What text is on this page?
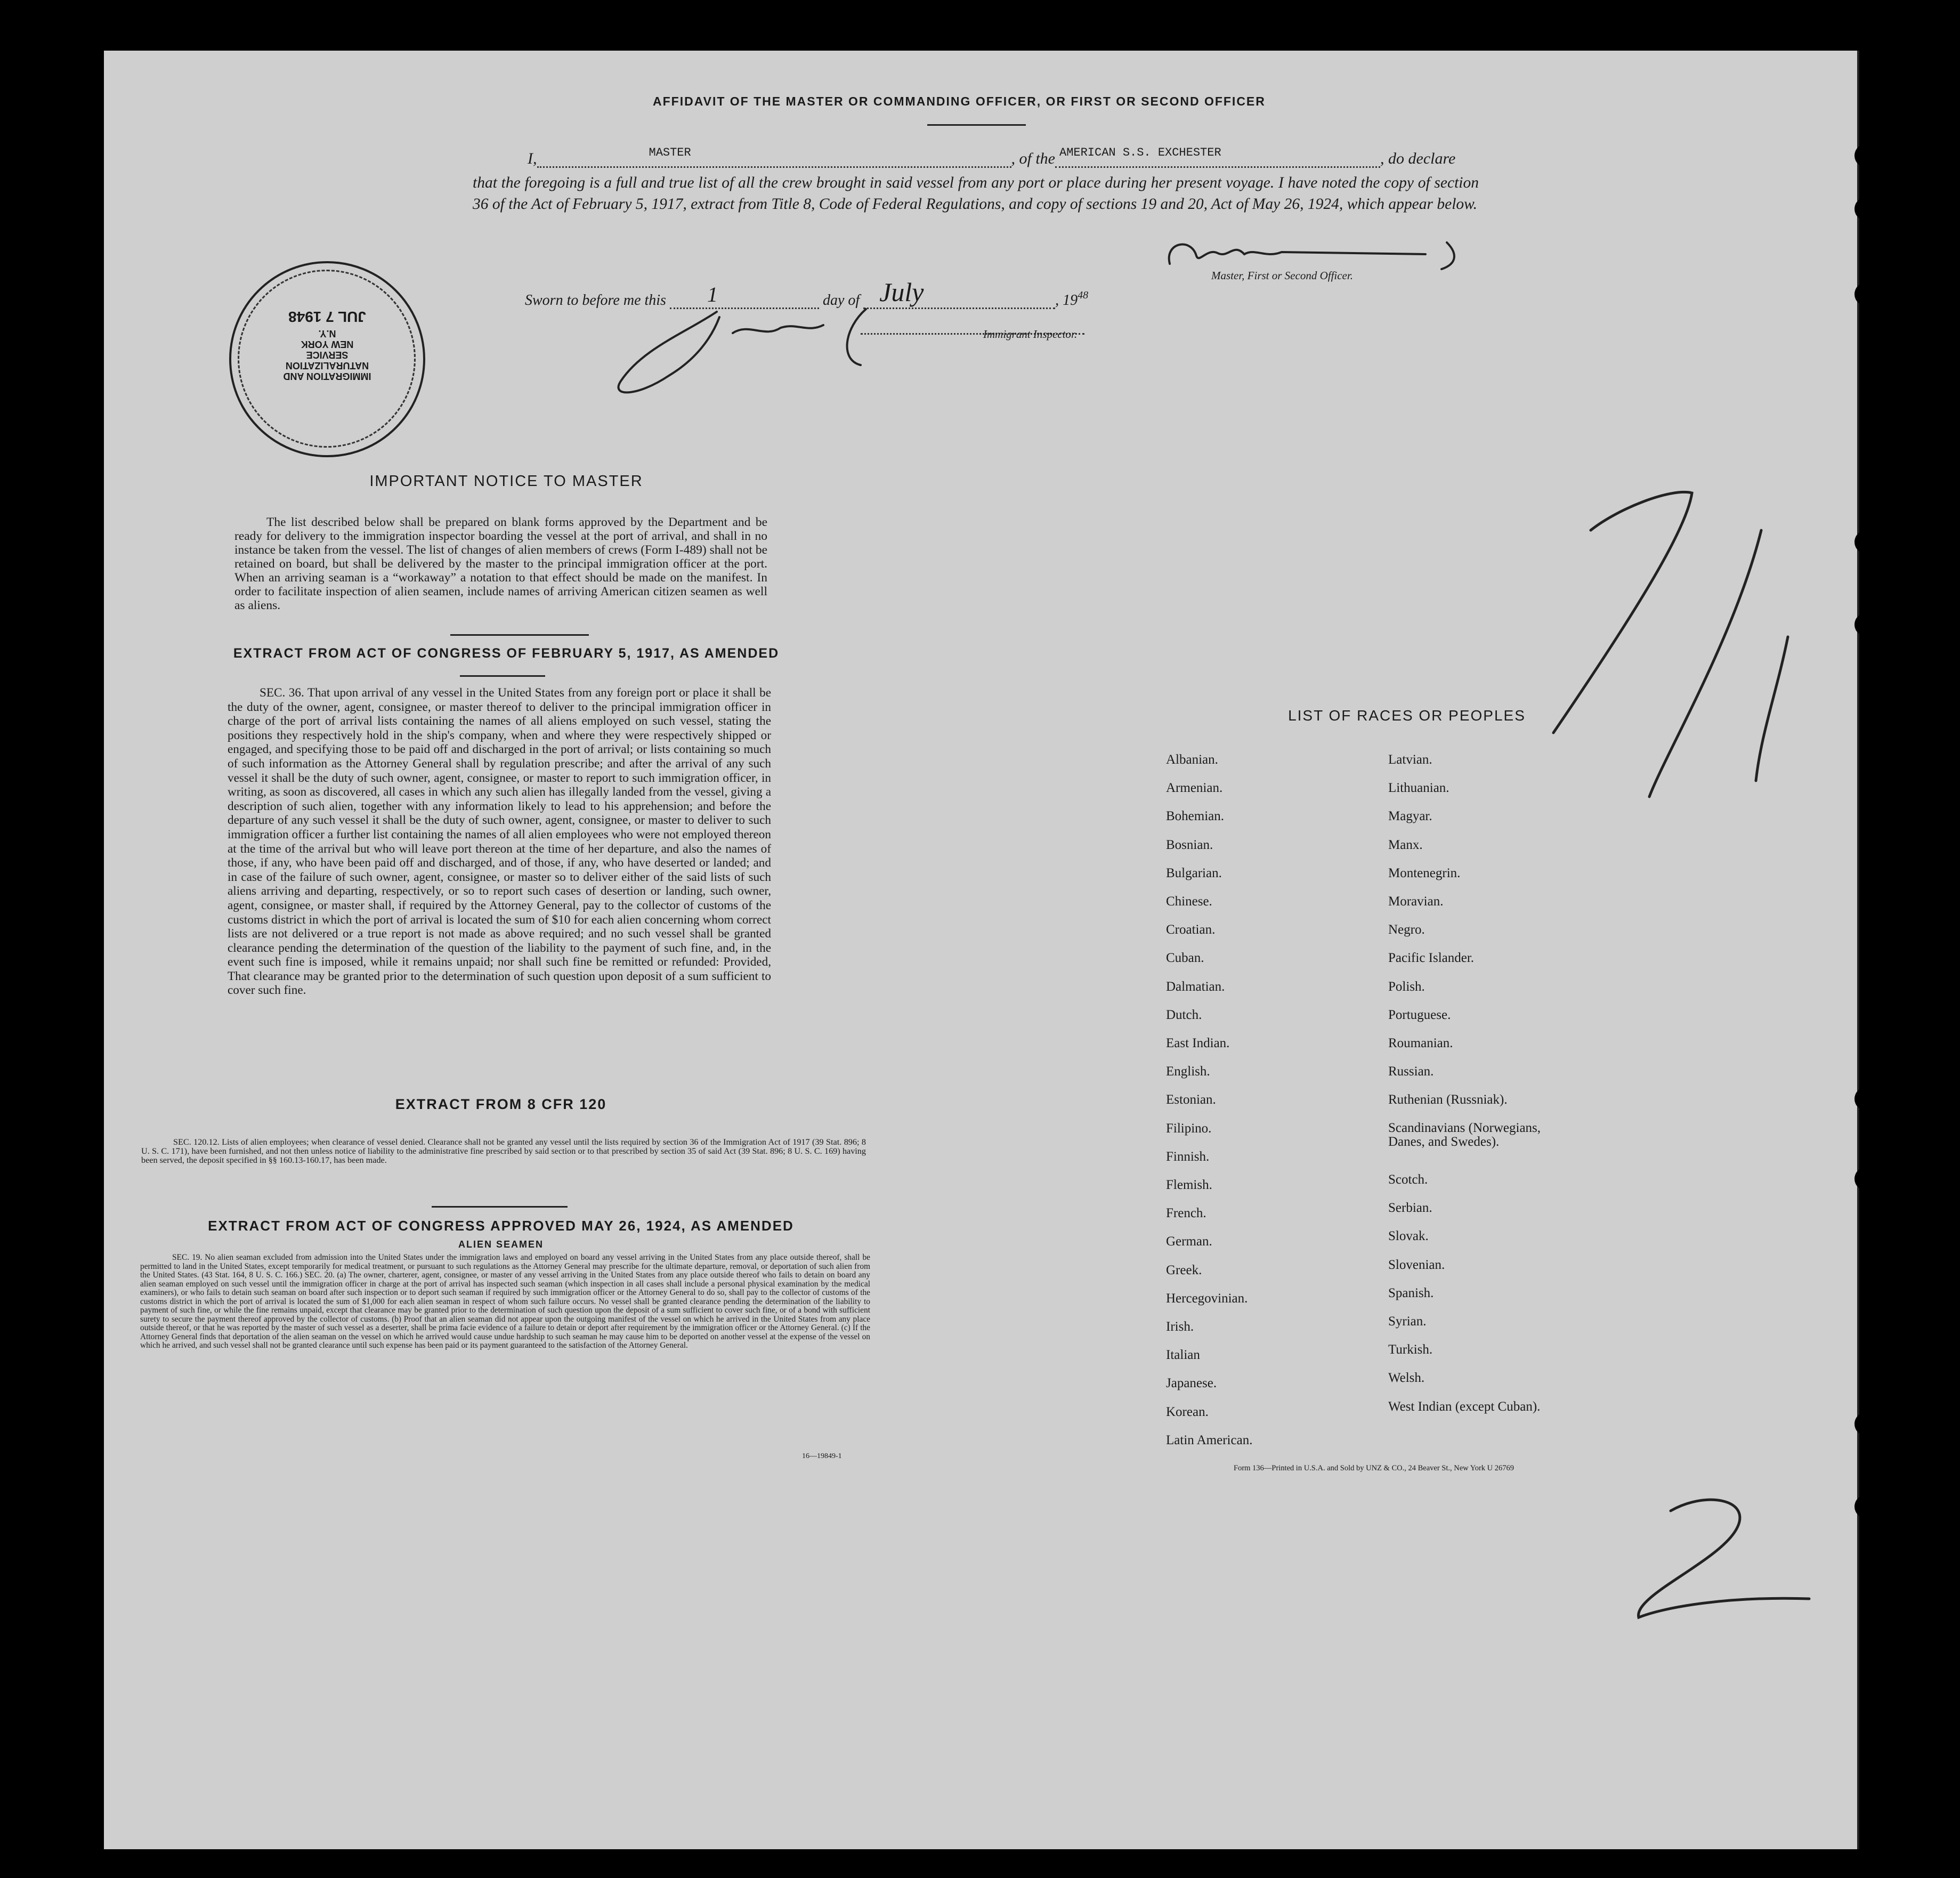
AFFIDAVIT OF THE MASTER OR COMMANDING OFFICER, OR FIRST OR SECOND OFFICER
I,	MASTER	, of the AMERICAN S.S. EXCHESTER	, do declare
that the foregoing is a full and true list of all the crew brought in said vessel from any port or place during her present voyage. I have noted the copy of section 36 of the Act of February 5, 1917, extract from Title 8, Code of Federal Regulations, and copy of sections 19 and 20, Act of May 26, 1924, which appear below.
Master, First or Second Officer.
Sworn to before me this 1	day of July	, $19^{48}$
Immigrant Inspector.
IMMIGRATION AND
NATURALIZATION
SERVICE
NEW YORK
N.Y.
JUL 7 1948
IMPORTANT NOTICE TO MASTER
The list described below shall be prepared on blank forms approved by the Department and be ready for delivery to the immigration inspector boarding the vessel at the port of arrival, and shall in no instance be taken from the vessel. The list of changes of alien members of crews (Form I-489) shall not be retained on board, but shall be delivered by the master to the principal immigration officer at the port. When an arriving seaman is a “workaway” a notation to that effect should be made on the manifest. In order to facilitate inspection of alien seamen, include names of arriving American citizen seamen as well as aliens.
EXTRACT FROM ACT OF CONGRESS OF FEBRUARY 5, 1917, AS AMENDED
SEC. 36. That upon arrival of any vessel in the United States from any foreign port or place it shall be the duty of the owner, agent, consignee, or master thereof to deliver to the principal immigration officer in charge of the port of arrival lists containing the names of all aliens employed on such vessel, stating the positions they respectively hold in the ship's company, when and where they were respectively shipped or engaged, and specifying those to be paid off and discharged in the port of arrival; or lists containing so much of such information as the Attorney General shall by regulation prescribe; and after the arrival of any such vessel it shall be the duty of such owner, agent, consignee, or master to report to such immigration officer, in writing, as soon as discovered, all cases in which any such alien has illegally landed from the vessel, giving a description of such alien, together with any information likely to lead to his apprehension; and before the departure of any such vessel it shall be the duty of such owner, agent, consignee, or master to deliver to such immigration officer a further list containing the names of all alien employees who were not employed thereon at the time of the arrival but who will leave port thereon at the time of her departure, and also the names of those, if any, who have been paid off and discharged, and of those, if any, who have deserted or landed; and in case of the failure of such owner, agent, consignee, or master so to deliver either of the said lists of such aliens arriving and departing, respectively, or so to report such cases of desertion or landing, such owner, agent, consignee, or master shall, if required by the Attorney General, pay to the collector of customs of the customs district in which the port of arrival is located the sum of $10 for each alien concerning whom correct lists are not delivered or a true report is not made as above required; and no such vessel shall be granted clearance pending the determination of the question of the liability to the payment of such fine, and, in the event such fine is imposed, while it remains unpaid; nor shall such fine be remitted or refunded: Provided, That clearance may be granted prior to the determination of such question upon deposit of a sum sufficient to cover such fine.
EXTRACT FROM 8 CFR 120
SEC. 120.12. Lists of alien employees; when clearance of vessel denied. Clearance shall not be granted any vessel until the lists required by section 36 of the Immigration Act of 1917 (39 Stat. 896; 8 U. S. C. 171), have been furnished, and not then unless notice of liability to the administrative fine prescribed by said section or to that prescribed by section 35 of said Act (39 Stat. 896; 8 U. S. C. 169) having been served, the deposit specified in §§ 160.13-160.17, has been made.
EXTRACT FROM ACT OF CONGRESS APPROVED MAY 26, 1924, AS AMENDED
ALIEN SEAMEN
SEC. 19. No alien seaman excluded from admission into the United States under the immigration laws and employed on board any vessel arriving in the United States from any place outside thereof, shall be permitted to land in the United States, except temporarily for medical treatment, or pursuant to such regulations as the Attorney General may prescribe for the ultimate departure, removal, or deportation of such alien from the United States. (43 Stat. 164, 8 U. S. C. 166.) SEC. 20. (a) The owner, charterer, agent, consignee, or master of any vessel arriving in the United States from any place outside thereof who fails to detain on board any alien seaman employed on such vessel until the immigration officer in charge at the port of arrival has inspected such seaman (which inspection in all cases shall include a personal physical examination by the medical examiners), or who fails to detain such seaman on board after such inspection or to deport such seaman if required by such immigration officer or the Attorney General to do so, shall pay to the collector of customs of the customs district in which the port of arrival is located the sum of $1,000 for each alien seaman in respect of whom such failure occurs. No vessel shall be granted clearance pending the determination of the liability to payment of such fine, or while the fine remains unpaid, except that clearance may be granted prior to the determination of such question upon the deposit of a sum sufficient to cover such fine, or of a bond with sufficient surety to secure the payment thereof approved by the collector of customs. (b) Proof that an alien seaman did not appear upon the outgoing manifest of the vessel on which he arrived in the United States from any place outside thereof, or that he was reported by the master of such vessel as a deserter, shall be prima facie evidence of a failure to detain or deport after requirement by the immigration officer or the Attorney General. (c) If the Attorney General finds that deportation of the alien seaman on the vessel on which he arrived would cause undue hardship to such seaman he may cause him to be deported on another vessel at the expense of the vessel on which he arrived, and such vessel shall not be granted clearance until such expense has been paid or its payment guaranteed to the satisfaction of the Attorney General.
16—19849-1
LIST OF RACES OR PEOPLES
Albanian.
Armenian.
Bohemian.
Bosnian.
Bulgarian.
Chinese.
Croatian.
Cuban.
Dalmatian.
Dutch.
East Indian.
English.
Estonian.
Filipino.
Finnish.
Flemish.
French.
German.
Greek.
Hercegovinian.
Irish.
Italian
Japanese.
Korean.
Latin American.
Latvian.
Lithuanian.
Magyar.
Manx.
Montenegrin.
Moravian.
Negro.
Pacific Islander.
Polish.
Portuguese.
Roumanian.
Russian.
Ruthenian (Russniak).
Scandinavians (Norwegians, Danes, and Swedes).
Scotch.
Serbian.
Slovak.
Slovenian.
Spanish.
Syrian.
Turkish.
Welsh.
West Indian (except Cuban).
Form 136—Printed in U.S.A. and Sold by UNZ & CO., 24 Beaver St., New York U 26769
